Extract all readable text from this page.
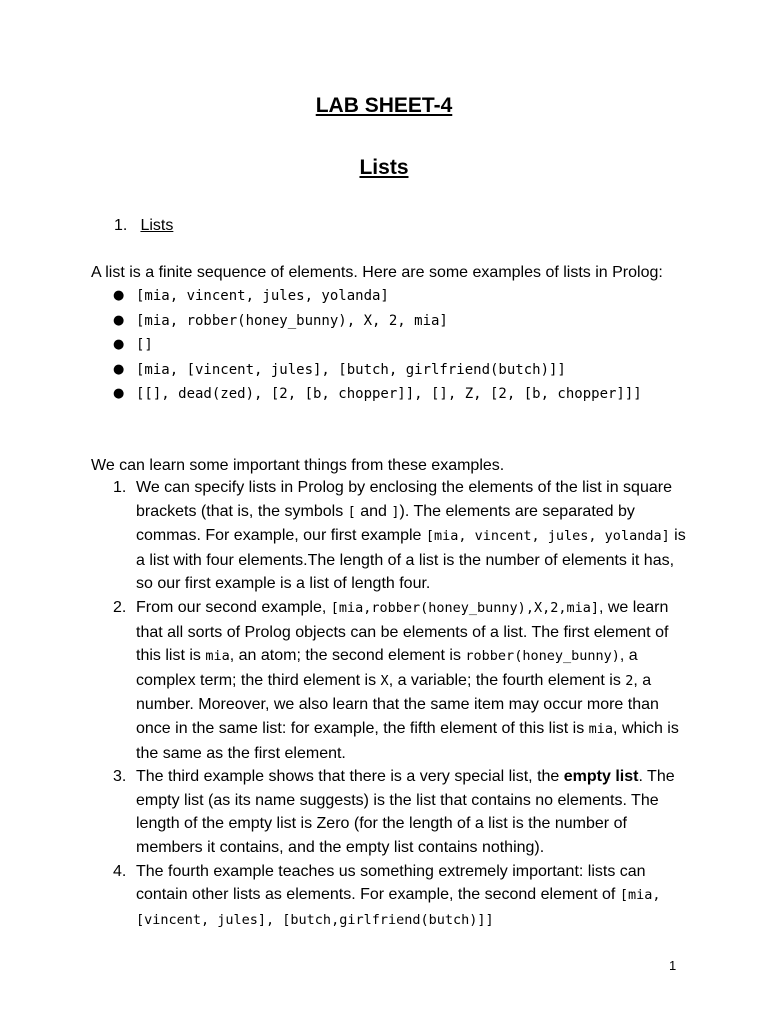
LAB SHEET-4
Lists
1. Lists

A list is a finite sequence of elements. Here are some examples of lists in Prolog:

● [mia, vincent, jules, yolanda]
● [mia, robber(honey_bunny), X, 2, mia]
● []
● [mia, [vincent, jules], [butch, girlfriend(butch)]]
● [[], dead(zed), [2, [b, chopper]], [], Z, [2, [b, chopper]]]

We can learn some important things from these examples.

1. We can specify lists in Prolog by enclosing the elements of the list in square brackets (that is, the symbols [ and ]). The elements are separated by commas. For example, our first example [mia, vincent, jules, yolanda] is a list with four elements.The length of a list is the number of elements it has, so our first example is a list of length four.
2. From our second example, [mia,robber(honey_bunny),X,2,mia], we learn that all sorts of Prolog objects can be elements of a list. The first element of this list is mia, an atom; the second element is robber(honey_bunny), a complex term; the third element is X, a variable; the fourth element is 2, a number. Moreover, we also learn that the same item may occur more than once in the same list: for example, the fifth element of this list is mia, which is the same as the first element.
3. The third example shows that there is a very special list, the empty list. The empty list (as its name suggests) is the list that contains no elements. The length of the empty list is Zero (for the length of a list is the number of members it contains, and the empty list contains nothing).
4. The fourth example teaches us something extremely important: lists can contain other lists as elements. For example, the second element of [mia, [vincent, jules], [butch,girlfriend(butch)]]
1
